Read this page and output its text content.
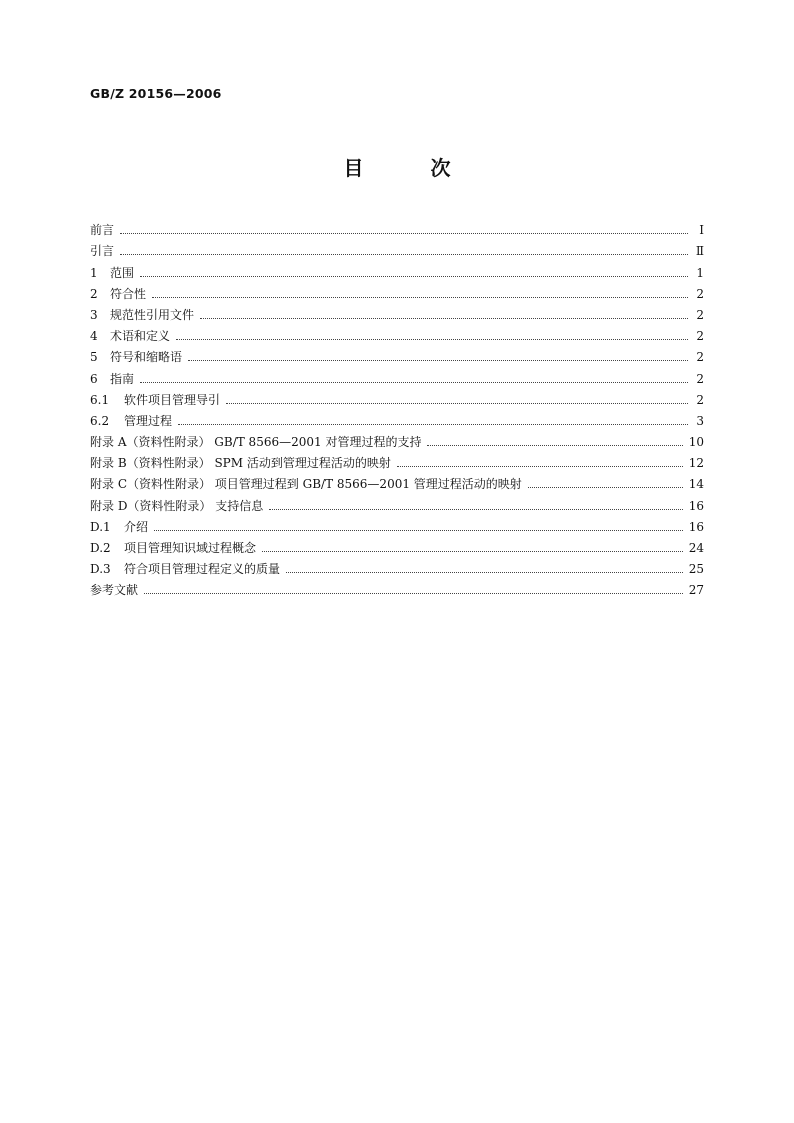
GB/Z 20156—2006
目 次
前言	I
引言	Ⅱ
1 范围	1
2 符合性	2
3 规范性引用文件	2
4 术语和定义	2
5 符号和缩略语	2
6 指南	2
6.1 软件项目管理导引	2
6.2 管理过程	3
附录 A（资料性附录） GB/T 8566—2001 对管理过程的支持	10
附录 B（资料性附录） SPM 活动到管理过程活动的映射	12
附录 C（资料性附录） 项目管理过程到 GB/T 8566—2001 管理过程活动的映射	14
附录 D（资料性附录） 支持信息	16
D.1 介绍	16
D.2 项目管理知识域过程概念	24
D.3 符合项目管理过程定义的质量	25
参考文献	27
